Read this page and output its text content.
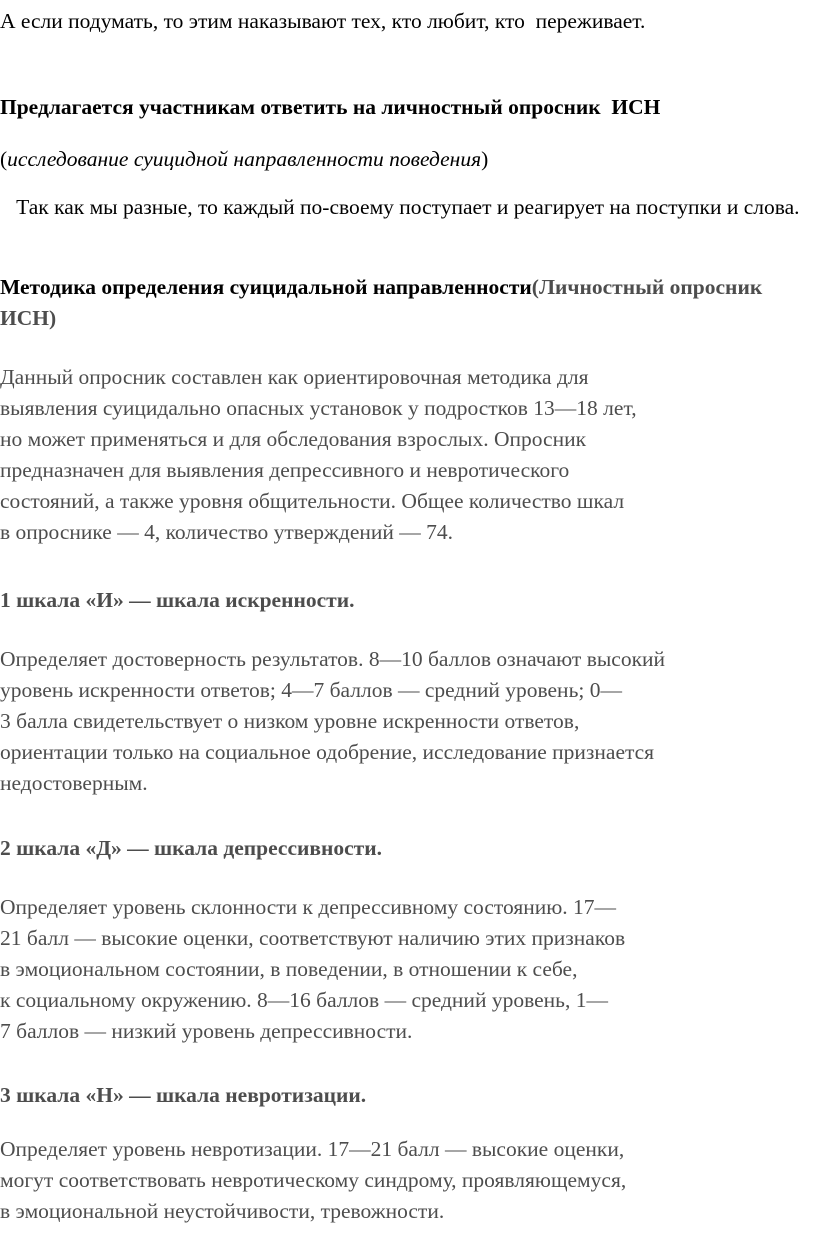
А если подумать, то этим наказывают тех, кто любит, кто  переживает.

Предлагается участникам ответить на личностный опросник  ИСН

(исследование суицидной направленности поведения)

Так как мы разные, то каждый по-своему поступает и реагирует на поступки и слова.

Методика определения суицидальной направленности(Личностный опросник ИСН)

Данный опросник составлен как ориентировочная методика для
выявления суицидально опасных установок у подростков 13—18 лет,
но может применяться и для обследования взрослых. Опросник
предназначен для выявления депрессивного и невротического
состояний, а также уровня общительности. Общее количество шкал
в опроснике — 4, количество утверждений — 74.

1 шкала «И» — шкала искренности.

Определяет достоверность результатов. 8—10 баллов означают высокий
уровень искренности ответов; 4—7 баллов — средний уровень; 0—
3 балла свидетельствует о низком уровне искренности ответов,
ориентации только на социальное одобрение, исследование признается
недостоверным.

2 шкала «Д» — шкала депрессивности.

Определяет уровень склонности к депрессивному состоянию. 17—
21 балл — высокие оценки, соответствуют наличию этих признаков
в эмоциональном состоянии, в поведении, в отношении к себе,
к социальному окружению. 8—16 баллов — средний уровень, 1—
7 баллов — низкий уровень депрессивности.

3 шкала «Н» — шкала невротизации.

Определяет уровень невротизации. 17—21 балл — высокие оценки,
могут соответствовать невротическому синдрому, проявляющемуся,
в эмоциональной неустойчивости, тревожности.
